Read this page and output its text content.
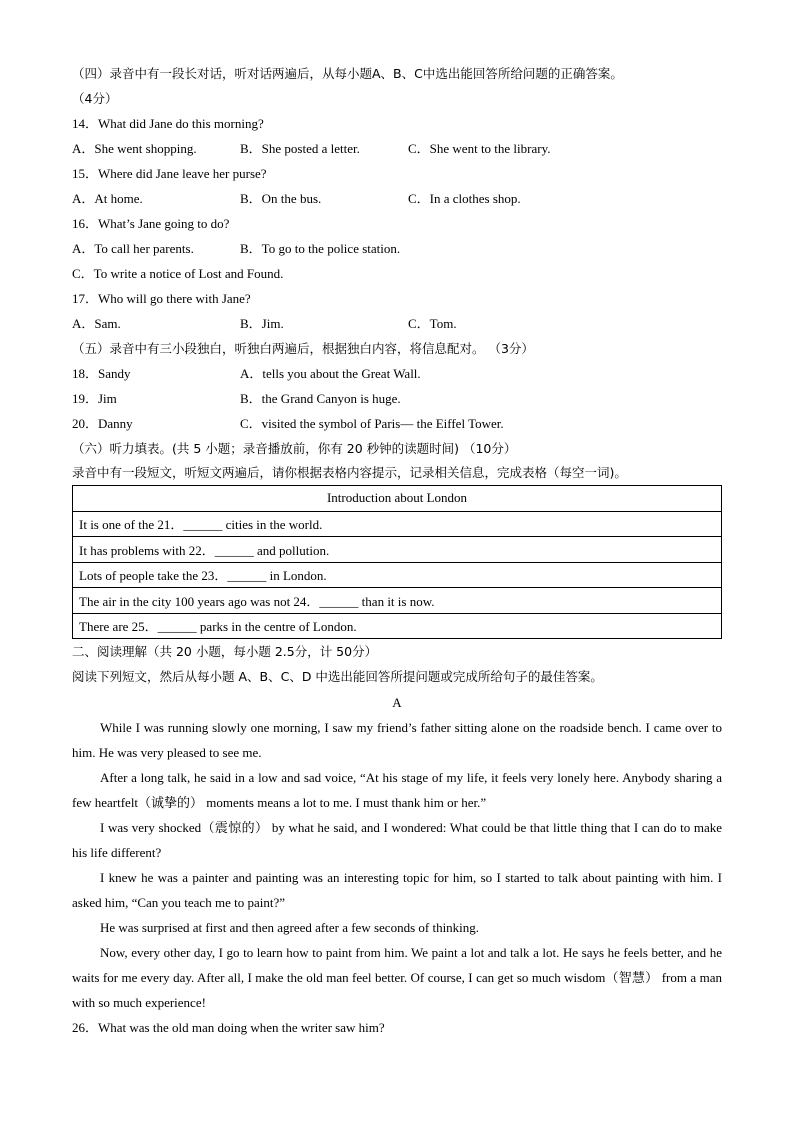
（四）录音中有一段长对话，听对话两遍后，从每小题A、B、C中选出能回答所给问题的正确答案。
（4分）
14．What did Jane do this morning?
A．She went shopping.	B．She posted a letter.	C．She went to the library.
15．Where did Jane leave her purse?
A．At home.	B．On the bus.	C．In a clothes shop.
16．What’s Jane going to do?
A．To call her parents.	B．To go to the police station.
C．To write a notice of Lost and Found.
17．Who will go there with Jane?
A．Sam.	B．Jim.	C．Tom.
（五）录音中有三小段独白，听独白两遍后，根据独白内容，将信息配对。 （3分）
18．Sandy	A．tells you about the Great Wall.
19．Jim	B．the Grand Canyon is huge.
20．Danny	C．visited the symbol of Paris— the Eiffel Tower.
（六）听力填表。(共 5 小题；录音播放前，你有 20 秒钟的读题时间) （10分）
录音中有一段短文，听短文两遍后，请你根据表格内容提示，记录相关信息，完成表格（每空一词)。
Introduction about London
It is one of the 21．______ cities in the world.
It has problems with 22．______ and pollution.
Lots of people take the 23．______ in London.
The air in the city 100 years ago was not 24．______ than it is now.
There are 25．______ parks in the centre of London.
二、阅读理解（共 20 小题，每小题 2.5分，计 50分）
阅读下列短文，然后从每小题 A、B、C、D 中选出能回答所提问题或完成所给句子的最佳答案。
A
While I was running slowly one morning, I saw my friend’s father sitting alone on the roadside bench. I came over to him. He was very pleased to see me.
After a long talk, he said in a low and sad voice, “At his stage of my life, it feels very lonely here. Anybody sharing a few heartfelt（诚挚的） moments means a lot to me. I must thank him or her.”
I was very shocked（震惊的） by what he said, and I wondered: What could be that little thing that I can do to make his life different?
I knew he was a painter and painting was an interesting topic for him, so I started to talk about painting with him. I asked him, “Can you teach me to paint?”
He was surprised at first and then agreed after a few seconds of thinking.
Now, every other day, I go to learn how to paint from him. We paint a lot and talk a lot. He says he feels better, and he waits for me every day. After all, I make the old man feel better. Of course, I can get so much wisdom（智慧） from a man with so much experience!
26．What was the old man doing when the writer saw him?
